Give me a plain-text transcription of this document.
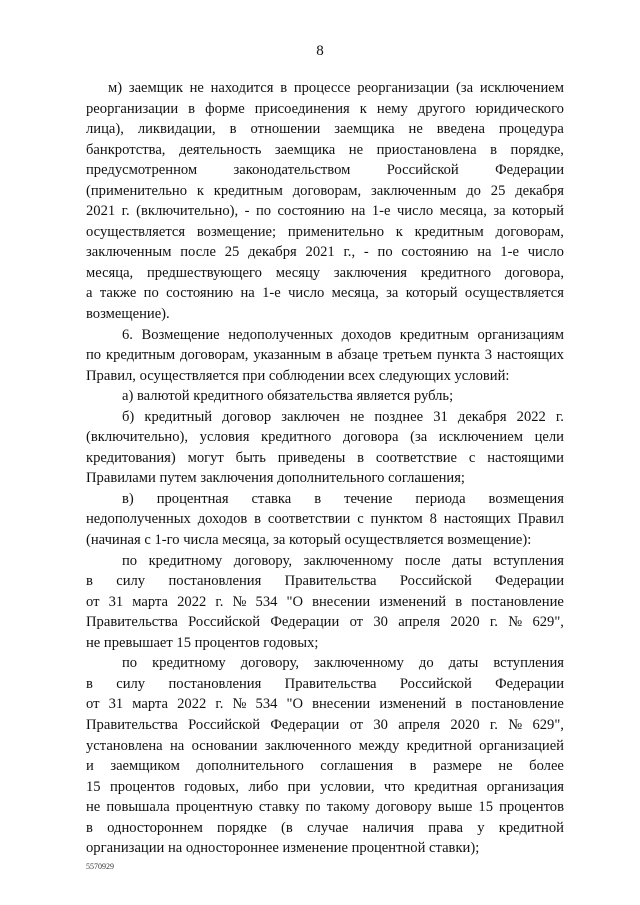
8
м) заемщик не находится в процессе реорганизации (за исключением
реорганизации в форме присоединения к нему другого юридического
лица), ликвидации, в отношении заемщика не введена процедура
банкротства, деятельность заемщика не приостановлена в порядке,
предусмотренном законодательством Российской Федерации
(применительно к кредитным договорам, заключенным до 25 декабря
2021 г. (включительно), - по состоянию на 1-е число месяца, за который
осуществляется возмещение; применительно к кредитным договорам,
заключенным после 25 декабря 2021 г., - по состоянию на 1-е число
месяца, предшествующего месяцу заключения кредитного договора,
а также по состоянию на 1-е число месяца, за который осуществляется
возмещение).
6. Возмещение недополученных доходов кредитным организациям
по кредитным договорам, указанным в абзаце третьем пункта 3 настоящих
Правил, осуществляется при соблюдении всех следующих условий:
а) валютой кредитного обязательства является рубль;
б) кредитный договор заключен не позднее 31 декабря 2022 г.
(включительно), условия кредитного договора (за исключением цели
кредитования) могут быть приведены в соответствие с настоящими
Правилами путем заключения дополнительного соглашения;
в) процентная ставка в течение периода возмещения
недополученных доходов в соответствии с пунктом 8 настоящих Правил
(начиная с 1-го числа месяца, за который осуществляется возмещение):
по кредитному договору, заключенному после даты вступления
в силу постановления Правительства Российской Федерации
от 31 марта 2022 г. № 534 "О внесении изменений в постановление
Правительства Российской Федерации от 30 апреля 2020 г. № 629",
не превышает 15 процентов годовых;
по кредитному договору, заключенному до даты вступления
в силу постановления Правительства Российской Федерации
от 31 марта 2022 г. № 534 "О внесении изменений в постановление
Правительства Российской Федерации от 30 апреля 2020 г. № 629",
установлена на основании заключенного между кредитной организацией
и заемщиком дополнительного соглашения в размере не более
15 процентов годовых, либо при условии, что кредитная организация
не повышала процентную ставку по такому договору выше 15 процентов
в одностороннем порядке (в случае наличия права у кредитной
организации на одностороннее изменение процентной ставки);
5570929
